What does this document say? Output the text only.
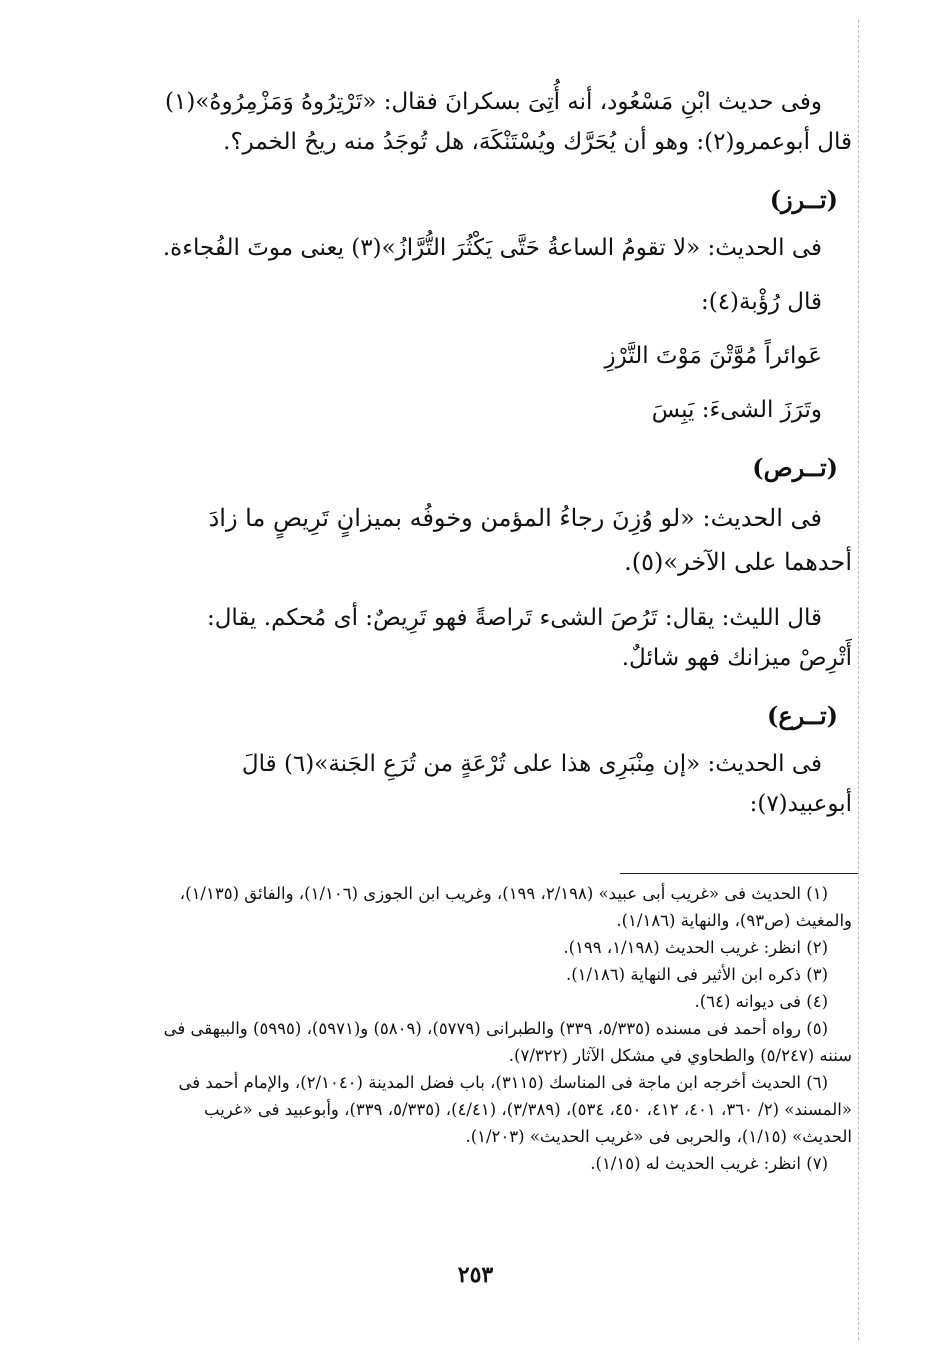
وفى حديث ابْنِ مَسْعُود، أنه أُتِىَ بسكرانَ فقال: «تَرْتِرُوهُ وَمَزْمِرُوهُ»(١) قال أبوعمرو(٢): وهو أن يُحَرَّك ويُسْتَنْكَهَ، هل تُوجَدُ منه ريحُ الخمر؟.

(تــرز)

فى الحديث: «لا تقومُ الساعةُ حَتَّى يَكْثُرَ التُّرَّازُ»(٣) يعنى موتَ الفُجاءة.

قال رُؤْبة(٤):

عَوائراً مُوَّتْنَ مَوْتَ التَّرْزِ

وتَرَزَ الشىءَ: يَبِسَ

(تــرص)

فى الحديث: «لو وُزِنَ رجاءُ المؤمن وخوفُه بميزانٍ تَرِيصٍ ما زادَ أحدهما على الآخر»(٥).

قال الليث: يقال: تَرُصَ الشىء تَراصةً فهو تَرِيصٌ: أى مُحكم. يقال: أَتْرِصْ ميزانك فهو شائلٌ.

(تــرع)

فى الحديث: «إن مِنْبَرِى هذا على تُرْعَةٍ من تُرَعِ الجَنة»(٦) قالَ أبوعبيد(٧):

(١) الحديث فى «غريب أبى عبيد» (٢/١٩٨، ١٩٩)، وغريب ابن الجوزى (١/١٠٦)، والفائق (١/١٣٥)، والمغيث (ص٩٣)، والنهاية (١/١٨٦).

(٢) انظر: غريب الحديث (١/١٩٨، ١٩٩).

(٣) ذكره ابن الأثير فى النهاية (١/١٨٦).

(٤) فى ديوانه (٦٤).

(٥) رواه أحمد فى مسنده (٥/٣٣٥، ٣٣٩) والطبرانى (٥٧٧٩)، (٥٨٠٩) و(٥٩٧١)، (٥٩٩٥) والبيهقى فى سننه (٥/٢٤٧) والطحاوي في مشكل الآثار (٧/٣٢٢).

(٦) الحديث أخرجه ابن ماجة فى المناسك (٣١١٥)، باب فضل المدينة (٢/١٠٤٠)، والإمام أحمد فى «المسند» (٢/ ٣٦٠، ٤٠١، ٤١٢، ٤٥٠، ٥٣٤)، (٣/٣٨٩)، (٤/٤١)، (٥/٣٣٥، ٣٣٩)، وأبوعبيد فى «غريب الحديث» (١/١٥)، والحربى فى «غريب الحديث» (١/٢٠٣).

(٧) انظر: غريب الحديث له (١/١٥).

٢٥٣
